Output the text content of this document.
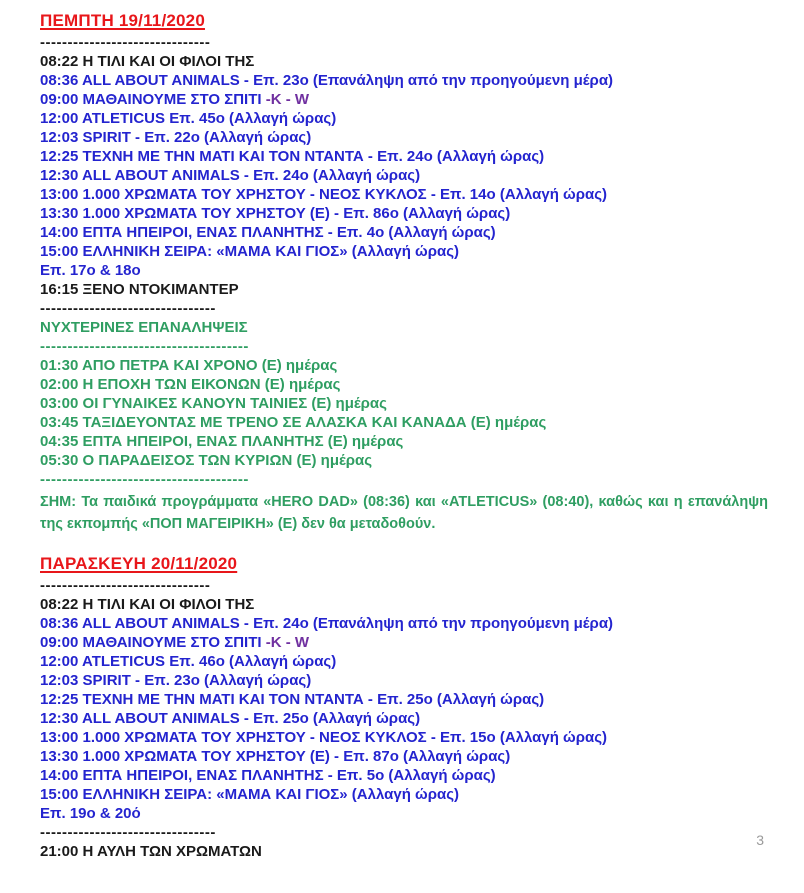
ΠΕΜΠΤΗ 19/11/2020
-------------------------------
08:22 Η ΤΙΛΙ ΚΑΙ ΟΙ ΦΙΛΟΙ ΤΗΣ
08:36 ALL ABOUT ANIMALS - Επ. 23ο (Επανάληψη από την προηγούμενη μέρα)
09:00 ΜΑΘΑΙΝΟΥΜΕ ΣΤΟ ΣΠΙΤΙ -Κ - W
12:00 ATLETICUS Επ. 45ο (Αλλαγή ώρας)
12:03 SPIRIT - Επ. 22ο (Αλλαγή ώρας)
12:25 ΤΕΧΝΗ ΜΕ ΤΗΝ ΜΑΤΙ ΚΑΙ ΤΟΝ ΝΤΑΝΤΑ - Επ. 24ο (Αλλαγή ώρας)
12:30 ALL ABOUT ANIMALS - Επ. 24ο (Αλλαγή ώρας)
13:00 1.000 ΧΡΩΜΑΤΑ ΤΟΥ ΧΡΗΣΤΟΥ - ΝΕΟΣ ΚΥΚΛΟΣ - Επ. 14ο (Αλλαγή ώρας)
13:30 1.000 ΧΡΩΜΑΤΑ ΤΟΥ ΧΡΗΣΤΟΥ (Ε) - Επ. 86ο (Αλλαγή ώρας)
14:00 ΕΠΤΑ ΗΠΕΙΡΟΙ, ΕΝΑΣ ΠΛΑΝΗΤΗΣ - Επ. 4ο (Αλλαγή ώρας)
15:00 ΕΛΛΗΝΙΚΗ ΣΕΙΡΑ: «ΜΑΜΑ ΚΑΙ ΓΙΟΣ» (Αλλαγή ώρας)
Επ. 17ο & 18ο
16:15 ΞΕΝΟ ΝΤΟΚΙΜΑΝΤΕΡ
--------------------------------
ΝΥΧΤΕΡΙΝΕΣ ΕΠΑΝΑΛΗΨΕΙΣ
--------------------------------------
01:30 ΑΠΟ ΠΕΤΡΑ ΚΑΙ ΧΡΟΝΟ (Ε) ημέρας
02:00 Η ΕΠΟΧΗ ΤΩΝ ΕΙΚΟΝΩΝ (Ε) ημέρας
03:00 ΟΙ ΓΥΝΑΙΚΕΣ ΚΑΝΟΥΝ ΤΑΙΝΙΕΣ (Ε) ημέρας
03:45 ΤΑΞΙΔΕΥΟΝΤΑΣ ΜΕ ΤΡΕΝΟ ΣΕ ΑΛΑΣΚΑ ΚΑΙ ΚΑΝΑΔΑ (Ε) ημέρας
04:35 ΕΠΤΑ ΗΠΕΙΡΟΙ, ΕΝΑΣ ΠΛΑΝΗΤΗΣ (Ε) ημέρας
05:30 Ο ΠΑΡΑΔΕΙΣΟΣ ΤΩΝ ΚΥΡΙΩΝ (Ε) ημέρας
--------------------------------------
ΣΗΜ: Τα παιδικά προγράμματα «HERO DAD» (08:36) και «ATLETICUS» (08:40), καθώς και η επανάληψη της εκπομπής «ΠΟΠ ΜΑΓΕΙΡΙΚΗ» (Ε) δεν θα μεταδοθούν.
ΠΑΡΑΣΚΕΥΗ 20/11/2020
-------------------------------
08:22 Η ΤΙΛΙ ΚΑΙ ΟΙ ΦΙΛΟΙ ΤΗΣ
08:36 ALL ABOUT ANIMALS - Επ. 24ο (Επανάληψη από την προηγούμενη μέρα)
09:00 ΜΑΘΑΙΝΟΥΜΕ ΣΤΟ ΣΠΙΤΙ -Κ - W
12:00 ATLETICUS Επ. 46ο (Αλλαγή ώρας)
12:03 SPIRIT - Επ. 23ο (Αλλαγή ώρας)
12:25 ΤΕΧΝΗ ΜΕ ΤΗΝ ΜΑΤΙ ΚΑΙ ΤΟΝ ΝΤΑΝΤΑ - Επ. 25ο (Αλλαγή ώρας)
12:30 ALL ABOUT ANIMALS - Επ. 25ο (Αλλαγή ώρας)
13:00 1.000 ΧΡΩΜΑΤΑ ΤΟΥ ΧΡΗΣΤΟΥ - ΝΕΟΣ ΚΥΚΛΟΣ - Επ. 15ο (Αλλαγή ώρας)
13:30 1.000 ΧΡΩΜΑΤΑ ΤΟΥ ΧΡΗΣΤΟΥ (Ε) - Επ. 87ο (Αλλαγή ώρας)
14:00 ΕΠΤΑ ΗΠΕΙΡΟΙ, ΕΝΑΣ ΠΛΑΝΗΤΗΣ - Επ. 5ο (Αλλαγή ώρας)
15:00 ΕΛΛΗΝΙΚΗ ΣΕΙΡΑ: «ΜΑΜΑ ΚΑΙ ΓΙΟΣ» (Αλλαγή ώρας)
Επ. 19ο & 20ό
--------------------------------
21:00 Η ΑΥΛΗ ΤΩΝ ΧΡΩΜΑΤΩΝ
3
